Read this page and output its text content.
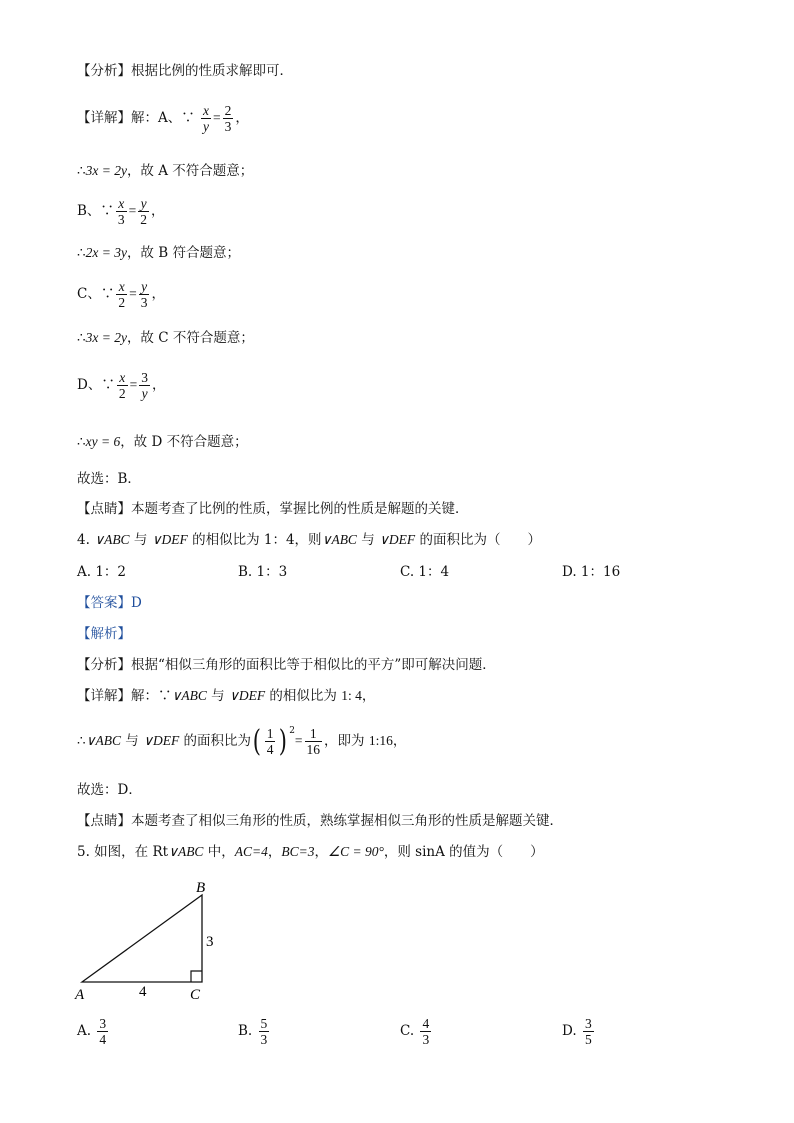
【分析】根据比例的性质求解即可．
【详解】解：A、∵ $\frac{x}{y} = \frac{2}{3}$ ，
∴3x = 2y，故 A 不符合题意；
B、∵ $\frac{x}{3} = \frac{y}{2}$ ，
∴2x = 3y，故 B 符合题意；
C、∵ $\frac{x}{2} = \frac{y}{3}$ ，
∴3x = 2y，故 C 不符合题意；
D、∵ $\frac{x}{2} = \frac{3}{y}$ ，
∴xy = 6，故 D 不符合题意；
故选：B．
【点睛】本题考查了比例的性质，掌握比例的性质是解题的关键．
4. ∨ABC 与 ∨DEF 的相似比为 1：4，则∨ABC 与 ∨DEF 的面积比为（　　）
A. 1：2	B. 1：3	C. 1：4	D. 1：16
【答案】D
【解析】
【分析】根据“相似三角形的面积比等于相似比的平方”即可解决问题．
【详解】解：∵∨ABC 与 ∨DEF 的相似比为 1: 4，
∴∨ABC 与 ∨DEF 的面积比为( $\frac{1}{4}$ ) $^2= \frac{1}{16}$ ，即为 1:16，
故选：D．
【点睛】本题考查了相似三角形的性质，熟练掌握相似三角形的性质是解题关键．
5. 如图，在 Rt∨ABC 中，AC=4，BC=3，∠C = 90°，则 sinA 的值为（　　）
A
B
C
4
3
A. $\frac{3}{4}$	B. $\frac{5}{3}$	C. $\frac{4}{3}$	D. $\frac{3}{5}$
